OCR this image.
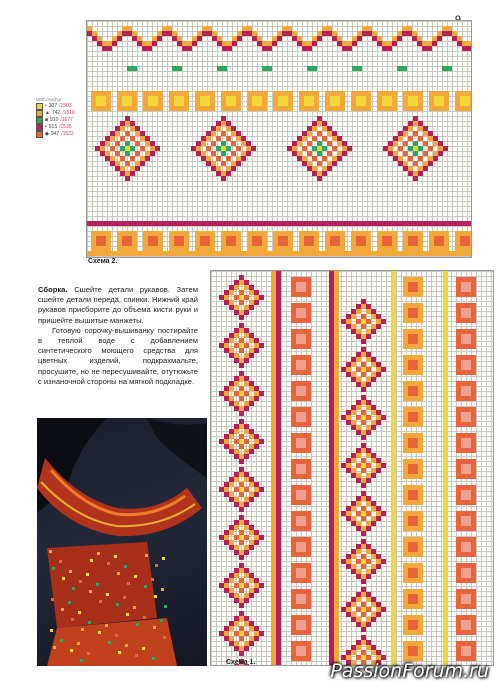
Схема 2.
DMC/Anchor
• 307 /1503
▲ 742 /1510
■ 910 /1677
▪ 915 /1535
◆ 947 /1522

Сборка. Сшейте детали рукавов. Затем сшейте детали переда, спинки. Нижний край рукавов присборите до объема кисти руки и пришейте вышитые манжеты.

Готовую сорочку-вышиванку постирайте в теплой воде с добавлением синтетического моющего средства для цветных изделий, подкрахмальте, просушите, но не пересушивайте, отутюжьте с изнаночной стороны на мягкой подкладке.

Схема 1.	PassionForum.ru
